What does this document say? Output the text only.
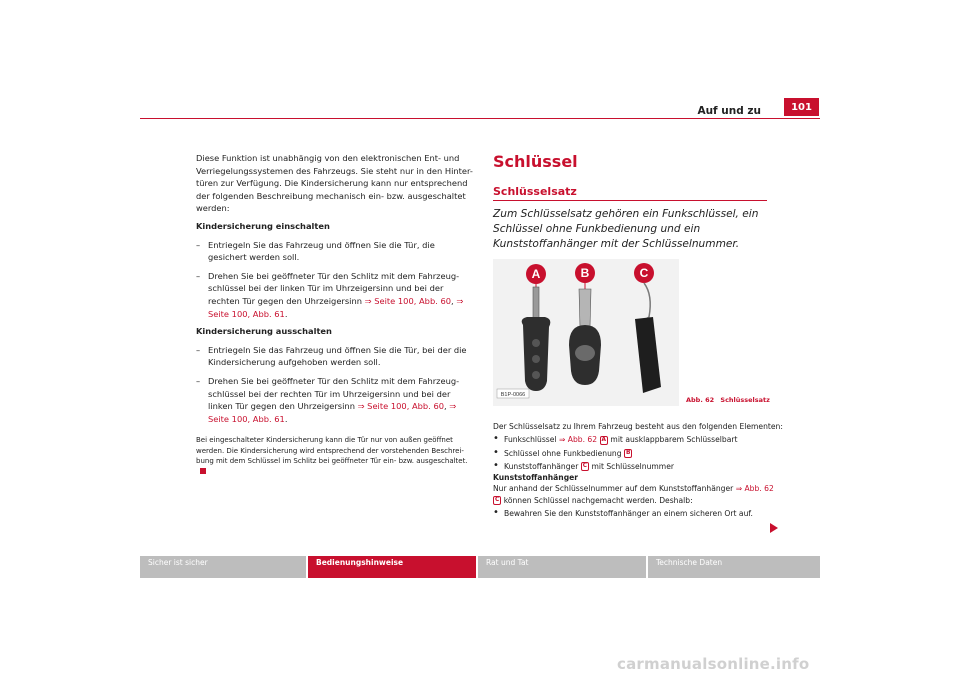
Auf und zu	101

Diese Funktion ist unabhängig von den elektronischen Ent- und Verriegelungssystemen des Fahrzeugs. Sie steht nur in den Hinter-türen zur Verfügung. Die Kindersicherung kann nur entsprechend der folgenden Beschreibung mechanisch ein- bzw. ausgeschaltet werden:

Kindersicherung einschalten

– Entriegeln Sie das Fahrzeug und öffnen Sie die Tür, die gesichert werden soll.
– Drehen Sie bei geöffneter Tür den Schlitz mit dem Fahrzeug-schlüssel bei der linken Tür im Uhrzeigersinn und bei der rechten Tür gegen den Uhrzeigersinn ⇒ Seite 100, Abb. 60, ⇒ Seite 100, Abb. 61.

Kindersicherung ausschalten

– Entriegeln Sie das Fahrzeug und öffnen Sie die Tür, bei der die Kindersicherung aufgehoben werden soll.
– Drehen Sie bei geöffneter Tür den Schlitz mit dem Fahrzeug-schlüssel bei der rechten Tür im Uhrzeigersinn und bei der linken Tür gegen den Uhrzeigersinn ⇒ Seite 100, Abb. 60, ⇒ Seite 100, Abb. 61.

Bei eingeschalteter Kindersicherung kann die Tür nur von außen geöffnet werden. Die Kindersicherung wird entsprechend der vorstehenden Beschrei-bung mit dem Schlüssel im Schlitz bei geöffneter Tür ein- bzw. ausgeschaltet.

Schlüssel
Schlüsselsatz
Zum Schlüsselsatz gehören ein Funkschlüssel, ein Schlüssel ohne Funkbedienung und ein Kunststoffanhänger mit der Schlüsselnummer.
A	B	C
B1P-0066
Abb. 62 Schlüsselsatz

Der Schlüsselsatz zu Ihrem Fahrzeug besteht aus den folgenden Elementen:

• Funkschlüssel ⇒ Abb. 62 A mit ausklappbarem Schlüsselbart
• Schlüssel ohne Funkbedienung B
• Kunststoffanhänger C mit Schlüsselnummer

Kunststoffanhänger

Nur anhand der Schlüsselnummer auf dem Kunststoffanhänger ⇒ Abb. 62
C können Schlüssel nachgemacht werden. Deshalb:

• Bewahren Sie den Kunststoffanhänger an einem sicheren Ort auf.
Sicher ist sicher	Bedienungshinweise	Rat und Tat	Technische Daten
carmanualsonline.info
